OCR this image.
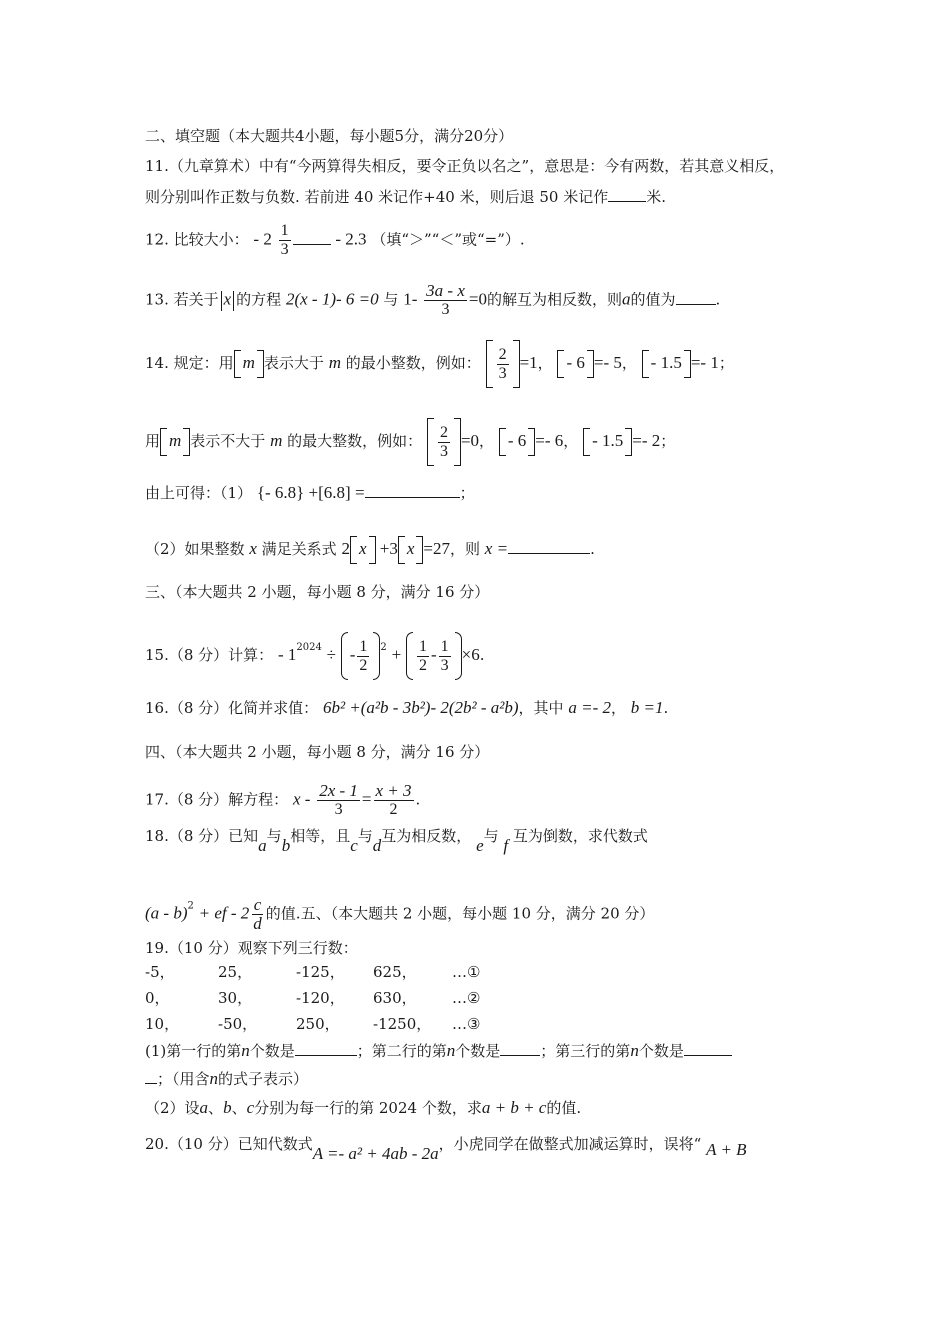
二、填空题（本大题共4小题，每小题5分，满分20分）
11.（九章算术）中有“今两算得失相反，要令正负以名之”，意思是：今有两数，若其意义相反，
则分别叫作正数与负数. 若前进 40 米记作+40 米，则后退 50 米记作	米.
12. 比较大小： - $2 \frac{1}{3}$	- 2.3 （填“＞”“＜”或“=”）.
13. 若关于 x 的方程 2(x - 1)- 6 =0 与 $1- \frac{3a - x}{3} =0$的解互为相反数，则a的值为	.
14. 规定：用 m 表示大于 m 的最小整数，例如： $\frac{2}{3} =1$， - 6 =- 5， - 1.5 =- 1；
用 m 表示不大于 m 的最大整数，例如： $\frac{2}{3} =0$， - 6 =- 6， - 1.5 =- 2；
由上可得：（1） {- 6.8} +[6.8] =	；
（2）如果整数 x 满足关系式 2 x +3 x =27，则 x =	.
三、（本大题共 2 小题，每小题 8 分，满分 16 分）
15.（8 分）计算： - $1^{2024}$ ÷ - $\frac{1}{2} ^2 + \frac{1}{2} - \frac{1}{3} \times 6$.
16.（8 分）化简并求值： 6b² +(a²b - 3b²)- 2(2b² - a²b)，其中 a =- 2， b =1.
四、（本大题共 2 小题，每小题 8 分，满分 16 分）
17.（8 分）解方程： $x - \frac{2x - 1}{3} = \frac{x + 3}{2}$ .
18.（8 分）已知a与b相等，且c与d互为相反数， e与 f 互为倒数，求代数式
(a - b)$^2$ + ef - $2 \frac{c}{d}$ 的值.五、（本大题共 2 小题，每小题 10 分，满分 20 分）
19.（10 分）观察下列三行数：
-5，	25，	-125， 625， …①
0，	30，	-120， 630， …②
10，	-50，	250， -1250， …③
(1)第一行的第n个数是	；第二行的第n个数是	；第三行的第n个数是
；（用含n的式子表示）
（2）设a、b、c分别为每一行的第 2024 个数，求a + b + c的值.
20.（10 分）已知代数式A =- a² + 4ab - 2a，小虎同学在做整式加减运算时，误将“ A + B
